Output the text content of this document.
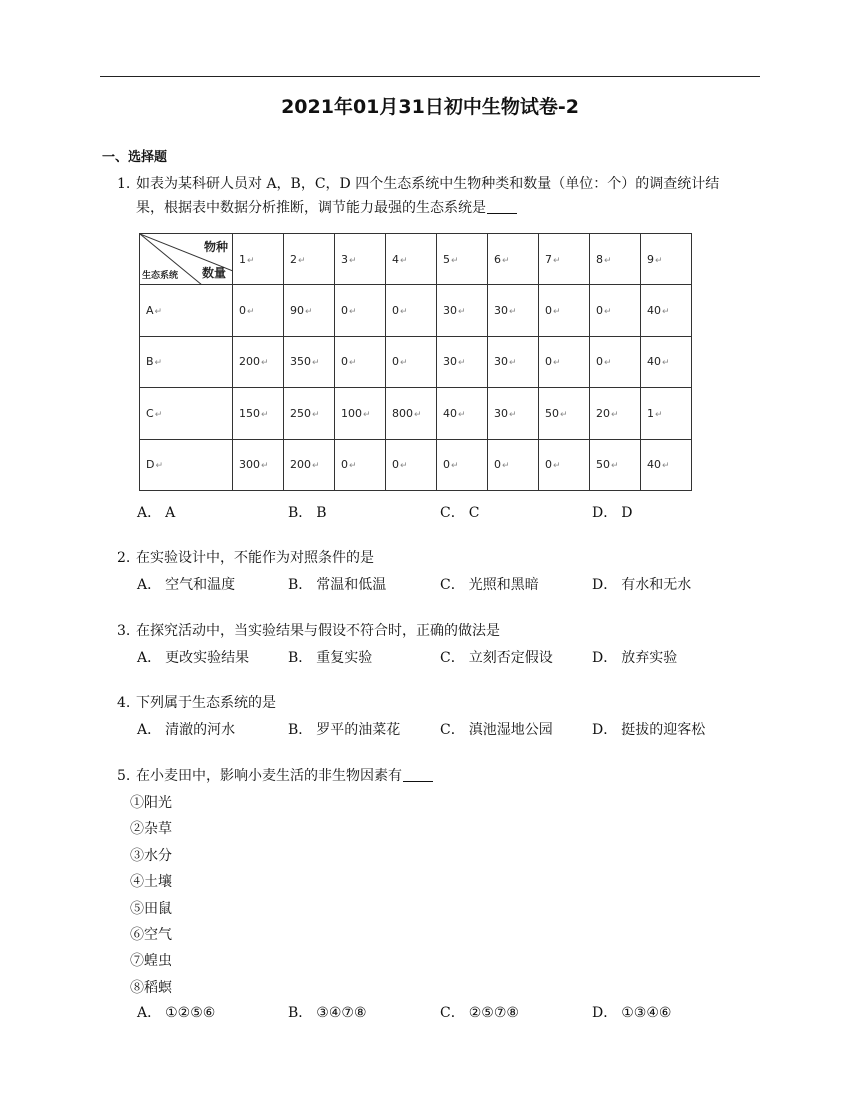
2021年01月31日初中生物试卷-2
一、选择题
1. 如表为某科研人员对 A，B，C，D 四个生态系统中生物种类和数量（单位：个）的调查统计结
果，根据表中数据分析推断，调节能力最强的生态系统是
物种
数量
生态系统	1↵	2↵	3↵	4↵	5↵	6↵	7↵	8↵	9↵
A↵	0↵	90↵	0↵	0↵	30↵	30↵	0↵	0↵	40↵
B↵	200↵	350↵	0↵	0↵	30↵	30↵	0↵	0↵	40↵
C↵	150↵	250↵	100↵	800↵	40↵	30↵	50↵	20↵	1↵
D↵	300↵	200↵	0↵	0↵	0↵	0↵	0↵	50↵	40↵
A． A	B． B	C． C	D． D
2. 在实验设计中，不能作为对照条件的是
A． 空气和温度	B． 常温和低温	C． 光照和黑暗	D． 有水和无水
3. 在探究活动中，当实验结果与假设不符合时，正确的做法是
A． 更改实验结果	B． 重复实验	C． 立刻否定假设	D． 放弃实验
4. 下列属于生态系统的是
A． 清澈的河水	B． 罗平的油菜花	C． 滇池湿地公园	D． 挺拔的迎客松
5. 在小麦田中，影响小麦生活的非生物因素有
①阳光
②杂草
③水分
④土壤
⑤田鼠
⑥空气
⑦蝗虫
⑧稻螟
A． ①②⑤⑥	B． ③④⑦⑧	C． ②⑤⑦⑧	D． ①③④⑥
